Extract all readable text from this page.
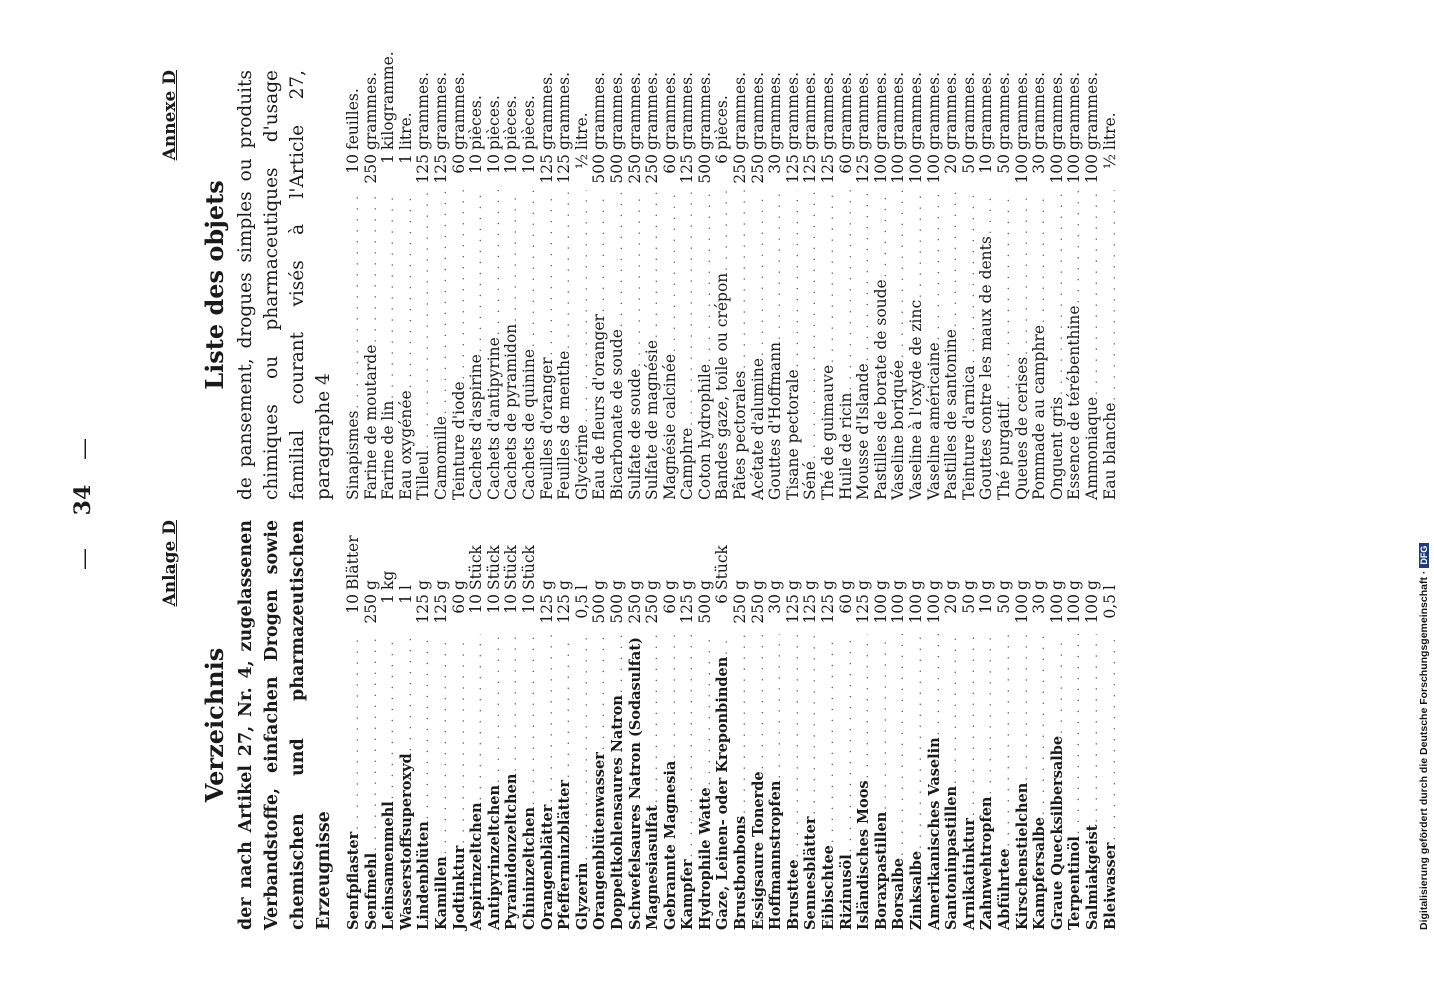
—
34
—
Anlage D
Verzeichnis der nach Artikel 27, Nr. 4, zugelassenen Verbandstoffe, einfachen Drogen sowie chemischen und pharmazeutischen Erzeugnisse Senfpflaster
. . .
10
Blätter
Senfmehl
. . .
250
g
Leinsamenmehl
. . .
1
kg
Wasserstoffsuperoxyd
. . .
1
l
Lindenblüten
. . .
125
g
Kamillen
. . .
125
g
Jodtinktur
. . .
60
g
Aspirinzeltchen
. . .
10
Stück
Antipyrinzeltchen
. . .
10
Stück
Pyramidonzeltchen
. . .
10
Stück
Chininzeltchen
. . .
10
Stück
Orangenblätter
. . .
125
g
Pfefferminzblätter
. . .
125
g
Glyzerin
. . .
0,5
l
Orangenblütenwasser
. . .
500
g
Doppeltkohlensaures Natron
. . .
500
g
Schwefelsaures Natron (Sodasulfat)
. . .
250
g
Magnesiasulfat
. . .
250
g
Gebrannte Magnesia
. . .
60
g
Kampfer
. . .
125
g
Hydrophile Watte
. . .
500
g
Gaze, Leinen- oder Kreponbinden
. . .
6
Stück
Brustbonbons
. . .
250
g
Essigsaure Tonerde
. . .
250
g
Hoffmannstropfen
. . .
30
g
Brusttee
. . .
125
g
Sennesblätter
. . .
125
g
Eibischtee
. . .
125
g
Rizinusöl
. . .
60
g
Isländisches Moos
. . .
125
g
Boraxpastillen
. . .
100
g
Borsalbe
. . .
100
g
Zinksalbe
. . .
100
g
Amerikanisches Vaselin
. . .
100
g
Santoninpastillen
. . .
20
g
Arnikatinktur
. . .
50
g
Zahnwehtropfen
. . .
10
g
Abführtee
. . .
50
g
Kirschenstielchen
. . .
100
g
Kampfersalbe
. . .
30
g
Graue Quecksilbersalbe
. . .
100
g
Terpentinöl
. . .
100
g
Salmiakgeist
. . .
100
g
Bleiwasser
. . .
0,5
l
Annexe D
Liste des objets de pansement, drogues simples ou produits chimiques ou pharmaceutiques d'usage familial courant visés à l'Article 27, paragraphe 4 Sinapismes
. . .
10
feuilles.
Farine de moutarde
. . .
250
grammes.
Farine de lin
. . .
1
kilogramme.
Eau oxygénée
. . .
1
litre.
Tilleul
. . .
125
grammes.
Camomille
. . .
125
grammes.
Teinture d'iode
. . .
60
grammes.
Cachets d'aspirine
. . .
10
pièces.
Cachets d'antipyrine
. . .
10
pièces.
Cachets de pyramidon
. . .
10
pièces.
Cachets de quinine
. . .
10
pièces.
Feuilles d'oranger
. . .
125
grammes.
Feuilles de menthe
. . .
125
grammes.
Glycérine
. . .
½
litre.
Eau de fleurs d'oranger
. . .
500
grammes.
Bicarbonate de soude
. . .
500
grammes.
Sulfate de soude
. . .
250
grammes.
Sulfate de magnésie
. . .
250
grammes.
Magnésie calcinée
. . .
60
grammes.
Camphre
. . .
125
grammes.
Coton hydrophile
. . .
500
grammes.
Bandes gaze, toile ou crépon
. . .
6
pièces.
Pâtes pectorales
. . .
250
grammes.
Acétate d'alumine
. . .
250
grammes.
Gouttes d'Hoffmann
. . .
30
grammes.
Tisane pectorale
. . .
125
grammes.
Séné
. . .
125
grammes.
Thé de guimauve
. . .
125
grammes.
Huile de ricin
. . .
60
grammes.
Mousse d'Islande
. . .
125
grammes.
Pastilles de borate de soude
. . .
100
grammes.
Vaseline boriquée
. . .
100
grammes.
Vaseline à l'oxyde de zinc
. . .
100
grammes.
Vaseline américaine
. . .
100
grammes.
Pastilles de santonine
. . .
20
grammes.
Teinture d'arnica
. . .
50
grammes.
Gouttes contre les maux de dents
. . .
10
grammes.
Thé purgatif
. . .
50
grammes.
Queues de cerises
. . .
100
grammes.
Pommade au camphre
. . .
30
grammes.
Onguent gris
. . .
100
grammes.
Essence de térébenthine
. . .
100
grammes.
Ammoniaque
. . .
100
grammes.
Eau blanche
. . .
½
litre.
Digitalisierung gefördert durch die Deutsche Forschungsgemeinschaft ·DFG
